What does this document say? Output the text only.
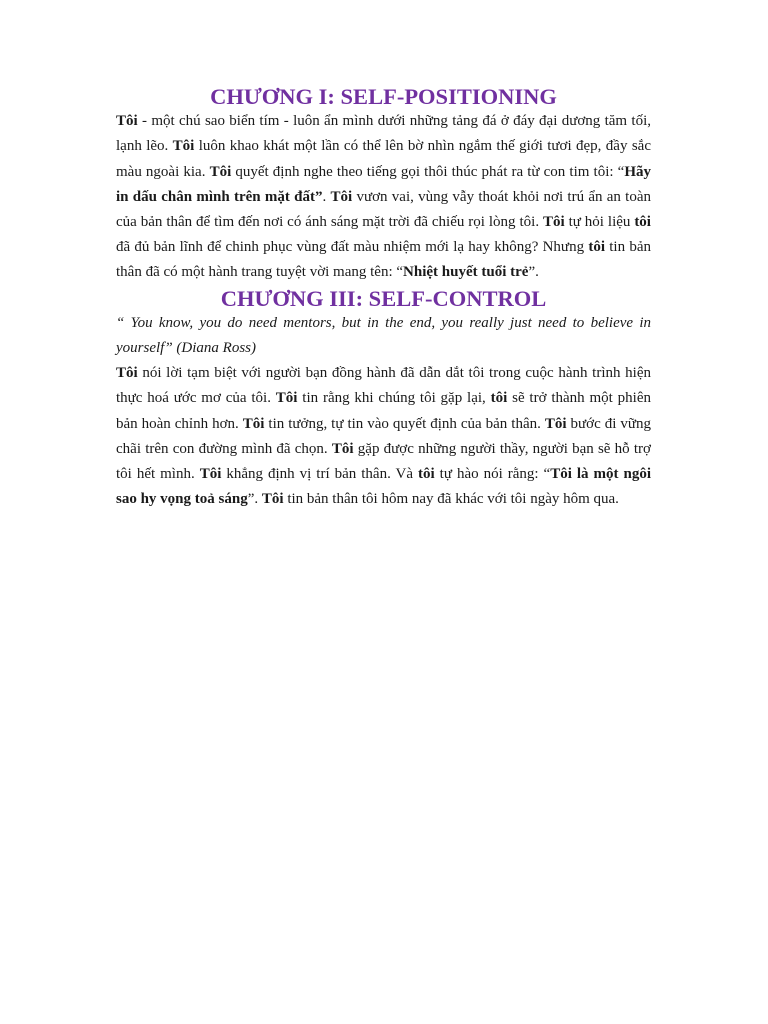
CHƯƠNG I: SELF-POSITIONING

Tôi - một chú sao biển tím - luôn ẩn mình dưới những tảng đá ở đáy đại dương tăm tối, lạnh lẽo. Tôi luôn khao khát một lần có thể lên bờ nhìn ngắm thế giới tươi đẹp, đầy sắc màu ngoài kia. Tôi quyết định nghe theo tiếng gọi thôi thúc phát ra từ con tim tôi: “Hãy in dấu chân mình trên mặt đất”. Tôi vươn vai, vùng vẫy thoát khỏi nơi trú ẩn an toàn của bản thân để tìm đến nơi có ánh sáng mặt trời đã chiếu rọi lòng tôi. Tôi tự hỏi liệu tôi đã đủ bản lĩnh để chinh phục vùng đất màu nhiệm mới lạ hay không? Nhưng tôi tin bản thân đã có một hành trang tuyệt vời mang tên: “Nhiệt huyết tuổi trẻ”.

CHƯƠNG III: SELF-CONTROL

“ You know, you do need mentors, but in the end, you really just need to believe in yourself” (Diana Ross)

Tôi nói lời tạm biệt với người bạn đồng hành đã dẫn dắt tôi trong cuộc hành trình hiện thực hoá ước mơ của tôi. Tôi tin rằng khi chúng tôi gặp lại, tôi sẽ trở thành một phiên bản hoàn chỉnh hơn. Tôi tin tưởng, tự tin vào quyết định của bản thân. Tôi bước đi vững chãi trên con đường mình đã chọn. Tôi gặp được những người thầy, người bạn sẽ hỗ trợ tôi hết mình. Tôi khẳng định vị trí bản thân. Và tôi tự hào nói rằng: “Tôi là một ngôi sao hy vọng toả sáng”. Tôi tin bản thân tôi hôm nay đã khác với tôi ngày hôm qua.
